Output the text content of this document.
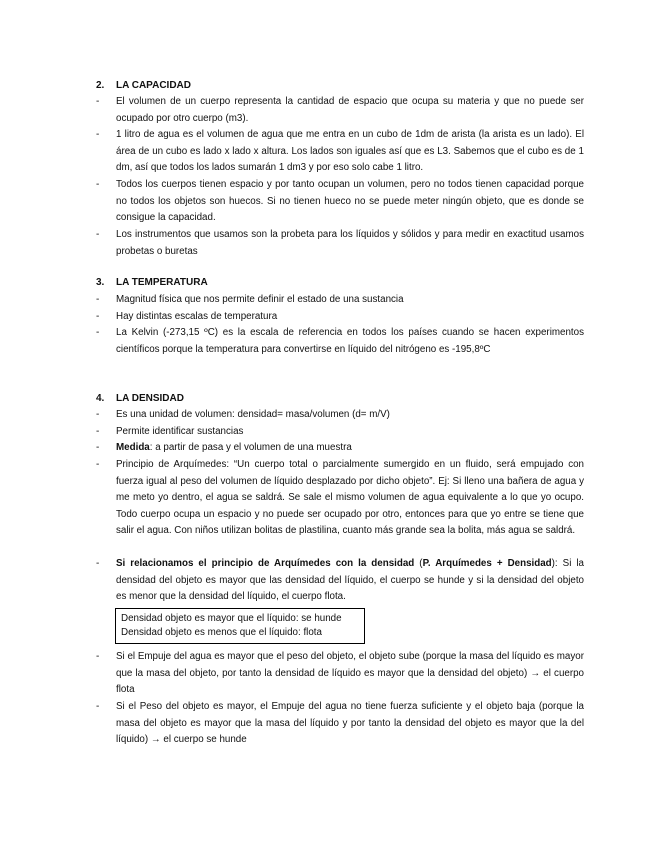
2. LA CAPACIDAD
- El volumen de un cuerpo representa la cantidad de espacio que ocupa su materia y que no puede ser ocupado por otro cuerpo (m3).
- 1 litro de agua es el volumen de agua que me entra en un cubo de 1dm de arista (la arista es un lado). El área de un cubo es lado x lado x altura. Los lados son iguales así que es L3. Sabemos que el cubo es de 1 dm, así que todos los lados sumarán 1 dm3 y por eso solo cabe 1 litro.
- Todos los cuerpos tienen espacio y por tanto ocupan un volumen, pero no todos tienen capacidad porque no todos los objetos son huecos. Si no tienen hueco no se puede meter ningún objeto, que es donde se consigue la capacidad.
- Los instrumentos que usamos son la probeta para los líquidos y sólidos y para medir en exactitud usamos probetas o buretas
3. LA TEMPERATURA
- Magnitud física que nos permite definir el estado de una sustancia
- Hay distintas escalas de temperatura
- La Kelvin (-273,15 ºC) es la escala de referencia en todos los países cuando se hacen experimentos científicos porque la temperatura para convertirse en líquido del nitrógeno es -195,8ºC
4. LA DENSIDAD
- Es una unidad de volumen: densidad= masa/volumen (d= m/V)
- Permite identificar sustancias
- Medida: a partir de pasa y el volumen de una muestra
- Principio de Arquímedes: “Un cuerpo total o parcialmente sumergido en un fluido, será empujado con fuerza igual al peso del volumen de líquido desplazado por dicho objeto”. Ej: Si lleno una bañera de agua y me meto yo dentro, el agua se saldrá. Se sale el mismo volumen de agua equivalente a lo que yo ocupo. Todo cuerpo ocupa un espacio y no puede ser ocupado por otro, entonces para que yo entre se tiene que salir el agua. Con niños utilizan bolitas de plastilina, cuanto más grande sea la bolita, más agua se saldrá.
- Si relacionamos el principio de Arquímedes con la densidad (P. Arquímedes + Densidad): Si la densidad del objeto es mayor que las densidad del líquido, el cuerpo se hunde y si la densidad del objeto es menor que la densidad del líquido, el cuerpo flota.
Densidad objeto es mayor que el líquido: se hunde
Densidad objeto es menos que el líquido: flota
- Si el Empuje del agua es mayor que el peso del objeto, el objeto sube (porque la masa del líquido es mayor que la masa del objeto, por tanto la densidad de líquido es mayor que la densidad del objeto) → el cuerpo flota
- Si el Peso del objeto es mayor, el Empuje del agua no tiene fuerza suficiente y el objeto baja (porque la masa del objeto es mayor que la masa del líquido y por tanto la densidad del objeto es mayor que la del líquido) → el cuerpo se hunde
